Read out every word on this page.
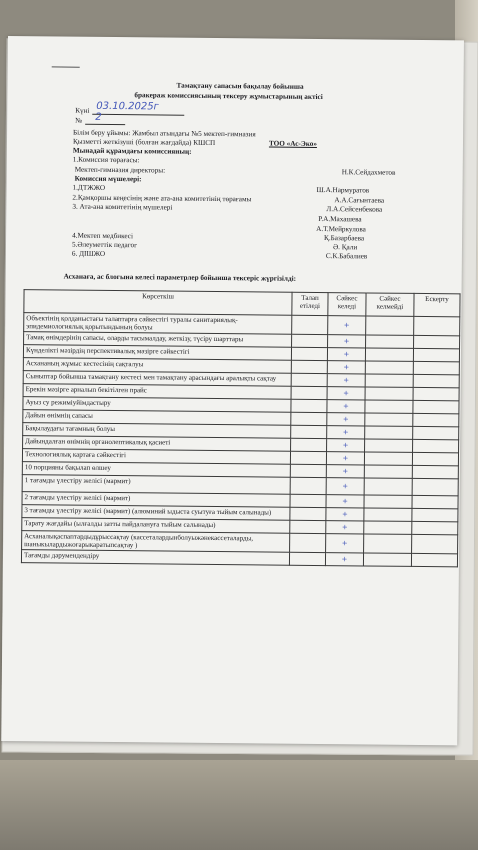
Тамақтану сапасын бақылау бойынша
бракераж комиссиясының тексеру жұмыстарының актісі
Күні 03.10.2025г
№ 2
Білім беру ұйымы: Жамбыл атындағы №5 мектеп-гимназия
Қызметті жеткізуші (болған жағдайда) КШСП	ТОО «Ас-Эко»
Мынадай құрамдағы комиссияның:
1.Комиссия төрағасы:
Мектеп-гимназия директоры:	Н.К.Сейдахметов
Комиссия мүшелері:
1.ДТЖЖО	Ш.А.Нармуратов
2.Қамқоршы кеңесінің және ата-ана комитетінің төрағамы	А.А.Сағынтаева
3. Ата-ана комитетінің мүшелері	Л.А.Сейсенбекова
Р.А.Махашева
А.Т.Мейркулова
4.Мектеп медбикесі	Қ.Базарбаева
5.Әлеуметтік педагог	Ә. Қали
6. ДІШЖО	С.К.Бабалиев
Асханаға, ас блогына келесі параметрлер бойынша тексеріс жүргізілді:
Көрсеткіш	Талап етіледі	Сәйкес келеді	Сәйкес келмейді	Ескерту
Объектінің қолданыстағы талаптарға сәйкестігі туралы санитариялық-эпидемиологиялық қорытындының болуы		+		
Тамақ өнімдерінің сапасы, оларды тасымалдау, жеткізу, түсіру шарттары		+		
Күнделікті мәзірдің перспективалық мәзірге сәйкестігі		+		
Асхананың жұмыс кестесінің сақталуы		+		
Сыныптар бойынша тамақтану кестесі мен тамақтану арасындағы аралықты сақтау		+		
Ерекін мәзірге арналып бекітілген прайс		+		
Ауыз су режиміуйімдастыру		+		
Дайын өнімнің сапасы		+		
Бақылаудағы тағамның болуы		+		
Дайындалған өнімнің органолептикалық қасиеті		+		
Технологиялық картаға сәйкестігі		+		
10 порцияны бақылап өлшеу		+		
1 тағамды үлестіру желісі (мармит)		+		
2 тағамды үлестіру желісі (мармит)		+		
3 тағамды үлестіру желісі (мармит) (алюминий ыдыста суытуға тыйым салынады)		+		
Тарату жағдайы (ылғалды затты пайдалануға тыйым салынады)		+		
Асханалықаспаптардыдұрыссақтау (кассеталардынболуыжәнекассеталарды, шаныкылардыжоғарыкаратыпсақтау )		+		
Тағамды дәрумендендіру		+		
